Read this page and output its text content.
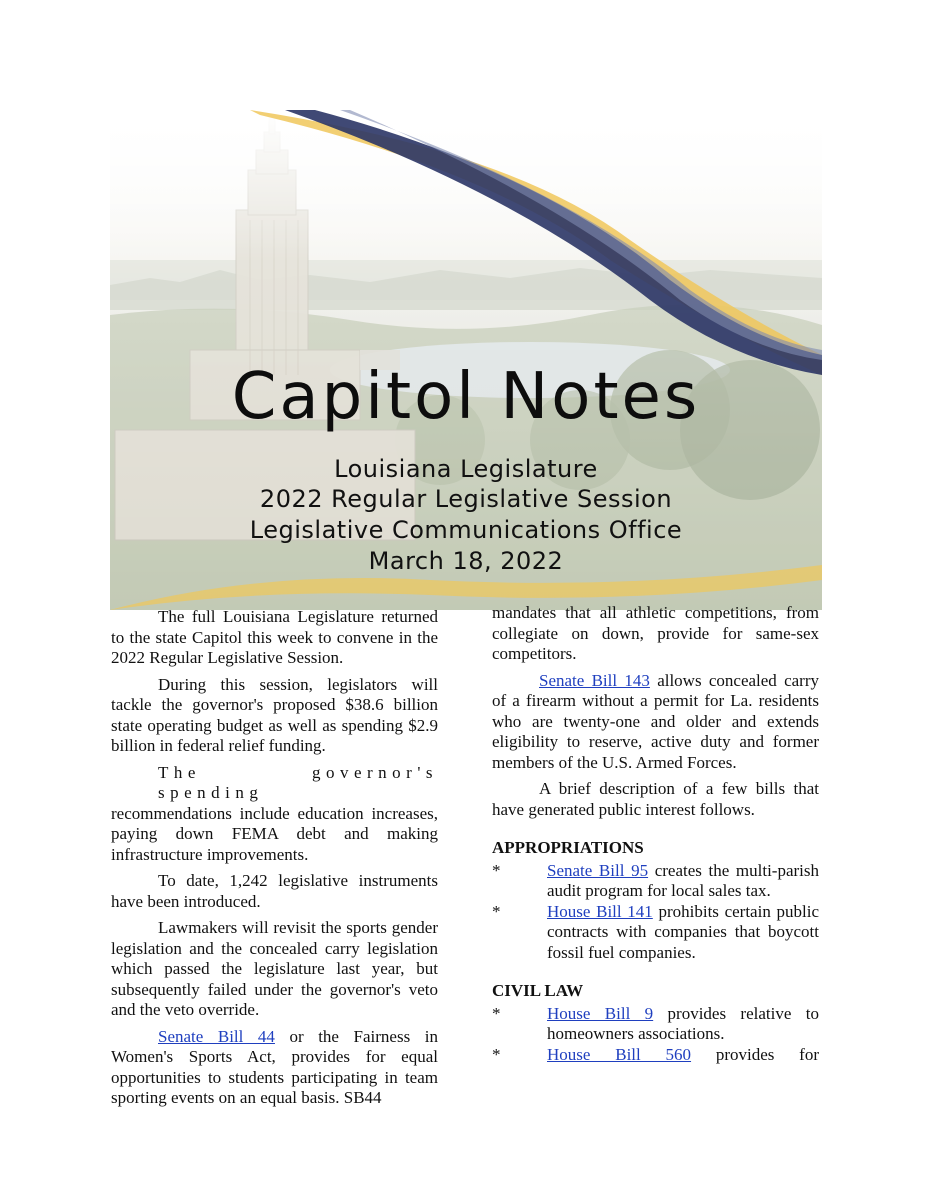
Capitol Notes
Louisiana Legislature
2022 Regular Legislative Session
Legislative Communications Office
March 18, 2022

The full Louisiana Legislature returned to the state Capitol this week to convene in the 2022 Regular Legislative Session.

During this session, legislators will tackle the governor's proposed $38.6 billion state operating budget as well as spending $2.9 billion in federal relief funding.

The governor's spending
recommendations include education increases, paying down FEMA debt and making infrastructure improvements.

To date, 1,242 legislative instruments have been introduced.

Lawmakers will revisit the sports gender legislation and the concealed carry legislation which passed the legislature last year, but subsequently failed under the governor's veto and the veto override.

Senate Bill 44 or the Fairness in Women's Sports Act, provides for equal opportunities to students participating in team sporting events on an equal basis. SB44

mandates that all athletic competitions, from collegiate on down, provide for same-sex competitors.

Senate Bill 143 allows concealed carry of a firearm without a permit for La. residents who are twenty-one and older and extends eligibility to reserve, active duty and former members of the U.S. Armed Forces.

A brief description of a few bills that have generated public interest follows.

APPROPRIATIONS

*	Senate Bill 95 creates the multi-parish audit program for local sales tax.
*	House Bill 141 prohibits certain public contracts with companies that boycott fossil fuel companies.

CIVIL LAW

*	House Bill 9 provides relative to homeowners associations.
*	House Bill 560 provides for
